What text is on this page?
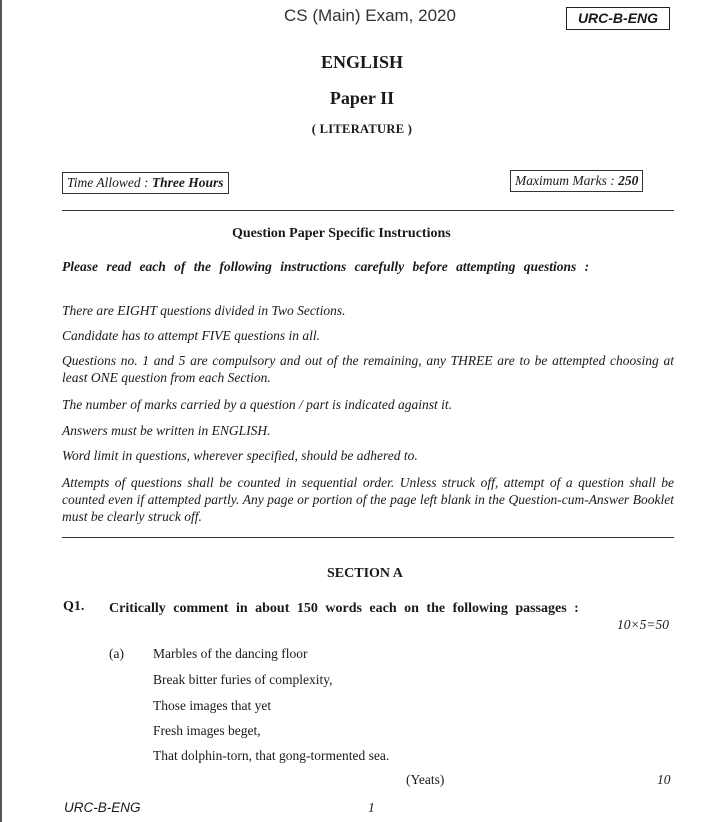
CS (Main) Exam, 2020	URC-B-ENG
ENGLISH
Paper II
( LITERATURE )
Time Allowed : Three Hours	Maximum Marks : 250
Question Paper Specific Instructions
Please read each of the following instructions carefully before attempting questions :
There are EIGHT questions divided in Two Sections.
Candidate has to attempt FIVE questions in all.
Questions no. 1 and 5 are compulsory and out of the remaining, any THREE are to be attempted choosing at least ONE question from each Section.
The number of marks carried by a question / part is indicated against it.
Answers must be written in ENGLISH.
Word limit in questions, wherever specified, should be adhered to.
Attempts of questions shall be counted in sequential order. Unless struck off, attempt of a question shall be counted even if attempted partly. Any page or portion of the page left blank in the Question-cum-Answer Booklet must be clearly struck off.
SECTION A
Q1. Critically comment in about 150 words each on the following passages :
10×5=50
(a) Marbles of the dancing floor
Break bitter furies of complexity,
Those images that yet
Fresh images beget,
That dolphin-torn, that gong-tormented sea.
(Yeats)	10
URC-B-ENG	1
